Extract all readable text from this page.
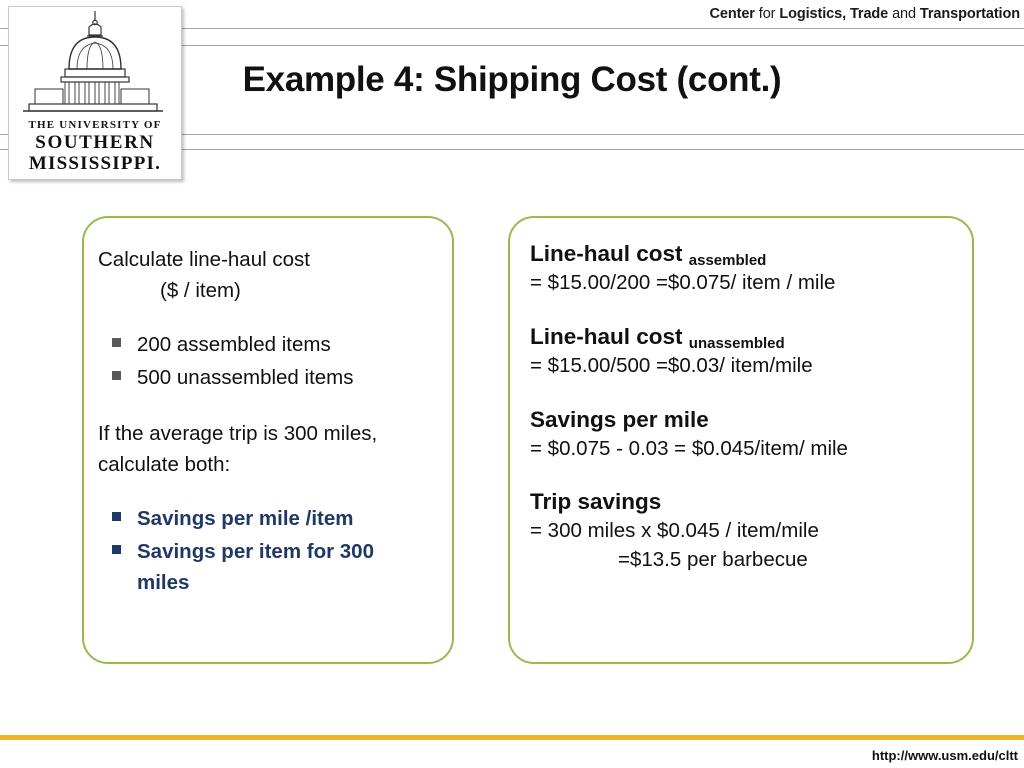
Center for Logistics, Trade and Transportation
Example 4: Shipping Cost (cont.)
THE UNIVERSITY OF
SOUTHERN
MISSISSIPPI.
Calculate line-haul cost
($ / item)
200 assembled items
500 unassembled items
If the average trip is 300 miles, calculate both:
Savings per mile /item
Savings per item for 300 miles
Line-haul cost assembled
= $15.00/200 =$0.075/ item / mile
Line-haul cost unassembled
= $15.00/500 =$0.03/ item/mile
Savings per mile
= $0.075 - 0.03 = $0.045/item/ mile
Trip savings
= 300 miles x $0.045 / item/mile
=$13.5 per barbecue
http://www.usm.edu/cltt
